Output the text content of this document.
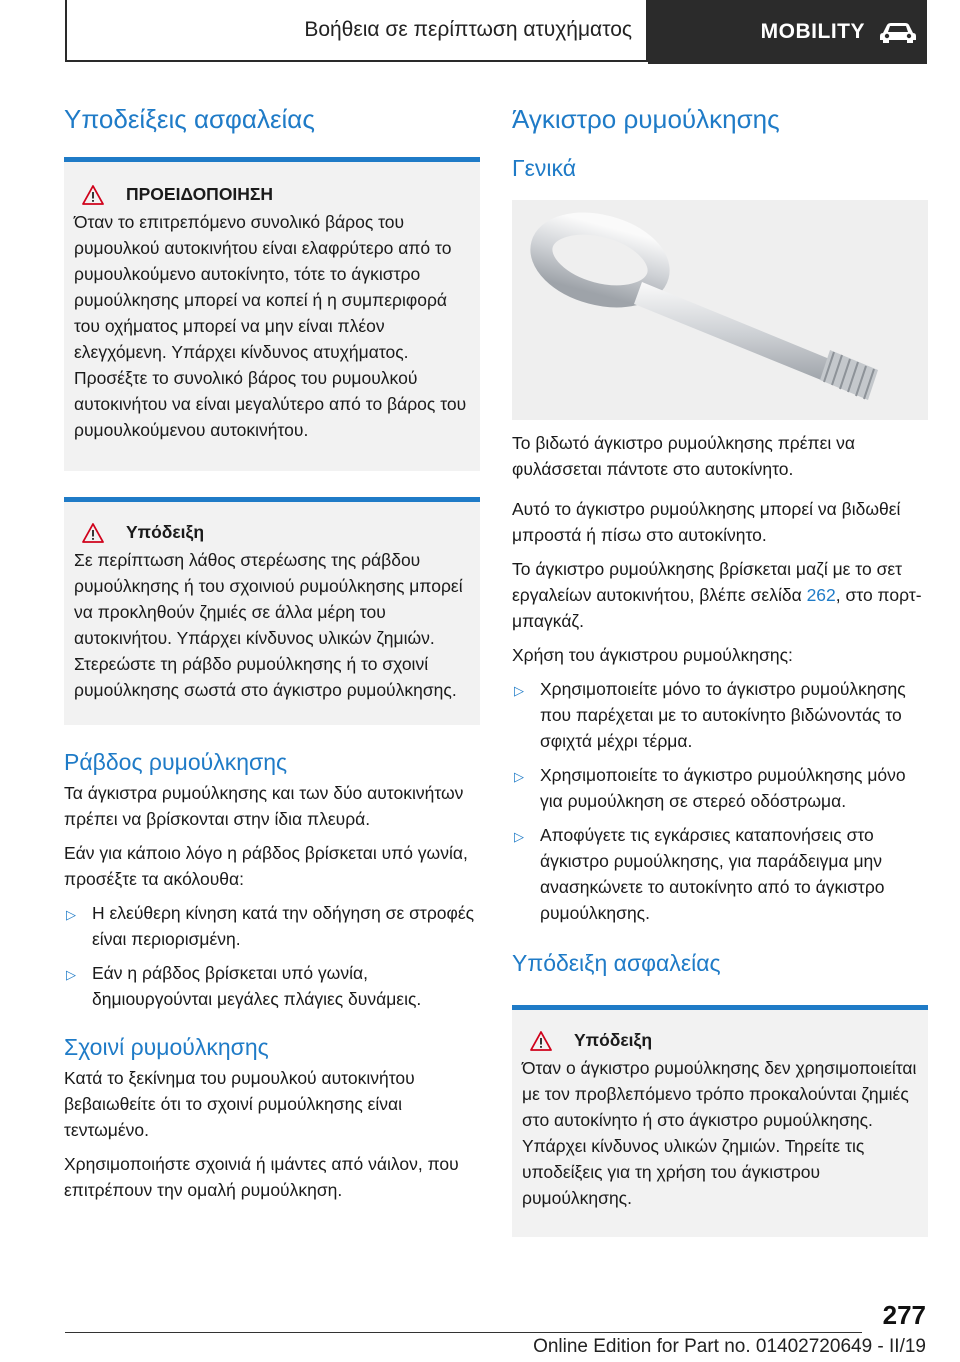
Βοήθεια σε περίπτωση ατυχήματος	MOBILITY
Υποδείξεις ασφαλείας
ΠΡΟΕΙΔΟΠΟΙΗΣΗ

Όταν το επιτρεπόμενο συνολικό βάρος του ρυμουλκού αυτοκινήτου είναι ελαφρύτερο από το ρυμουλκούμενο αυτοκίνητο, τότε το άγκιστρο ρυμούλκησης μπορεί να κοπεί ή η συμπεριφορά του οχήματος μπορεί να μην είναι πλέον ελεγχόμενη. Υπάρχει κίνδυνος ατυχήματος. Προσέξτε το συνολικό βάρος του ρυμουλκού αυτοκινήτου να είναι μεγαλύτερο από το βάρος του ρυμουλκούμενου αυτοκινήτου.

Υπόδειξη

Σε περίπτωση λάθος στερέωσης της ράβδου ρυμούλκησης ή του σχοινιού ρυμούλκησης μπορεί να προκληθούν ζημιές σε άλλα μέρη του αυτοκινήτου. Υπάρχει κίνδυνος υλικών ζημιών. Στερεώστε τη ράβδο ρυμούλκησης ή το σχοινί ρυμούλκησης σωστά στο άγκιστρο ρυμούλκησης.

Ράβδος ρυμούλκησης

Τα άγκιστρα ρυμούλκησης και των δύο αυτοκινήτων πρέπει να βρίσκονται στην ίδια πλευρά.

Εάν για κάποιο λόγο η ράβδος βρίσκεται υπό γωνία, προσέξτε τα ακόλουθα:

▷ Η ελεύθερη κίνηση κατά την οδήγηση σε στροφές είναι περιορισμένη.
▷ Εάν η ράβδος βρίσκεται υπό γωνία, δημιουργούνται μεγάλες πλάγιες δυνάμεις.
Σχοινί ρυμούλκησης

Κατά το ξεκίνημα του ρυμουλκού αυτοκινήτου βεβαιωθείτε ότι το σχοινί ρυμούλκησης είναι τεντωμένο.

Χρησιμοποιήστε σχοινιά ή ιμάντες από νάιλον, που επιτρέπουν την ομαλή ρυμούλκηση.

Άγκιστρο ρυμούλκησης
Γενικά

Το βιδωτό άγκιστρο ρυμούλκησης πρέπει να φυλάσσεται πάντοτε στο αυτοκίνητο.

Αυτό το άγκιστρο ρυμούλκησης μπορεί να βιδωθεί μπροστά ή πίσω στο αυτοκίνητο.

Το άγκιστρο ρυμούλκησης βρίσκεται μαζί με το σετ εργαλείων αυτοκινήτου, βλέπε σελίδα 262, στο πορτ-μπαγκάζ.

Χρήση του άγκιστρου ρυμούλκησης:

▷ Χρησιμοποιείτε μόνο το άγκιστρο ρυμούλκησης που παρέχεται με το αυτοκίνητο βιδώνοντάς το σφιχτά μέχρι τέρμα.
▷ Χρησιμοποιείτε το άγκιστρο ρυμούλκησης μόνο για ρυμούλκηση σε στερεό οδόστρωμα.
▷ Αποφύγετε τις εγκάρσιες καταπονήσεις στο άγκιστρο ρυμούλκησης, για παράδειγμα μην ανασηκώνετε το αυτοκίνητο από το άγκιστρο ρυμούλκησης.
Υπόδειξη ασφαλείας
Υπόδειξη

Όταν ο άγκιστρο ρυμούλκησης δεν χρησιμοποιείται με τον προβλεπόμενο τρόπο προκαλούνται ζημιές στο αυτοκίνητο ή στο άγκιστρο ρυμούλκησης. Υπάρχει κίνδυνος υλικών ζημιών. Τηρείτε τις υποδείξεις για τη χρήση του άγκιστρου ρυμούλκησης.

277
Online Edition for Part no. 01402720649 - II/19
